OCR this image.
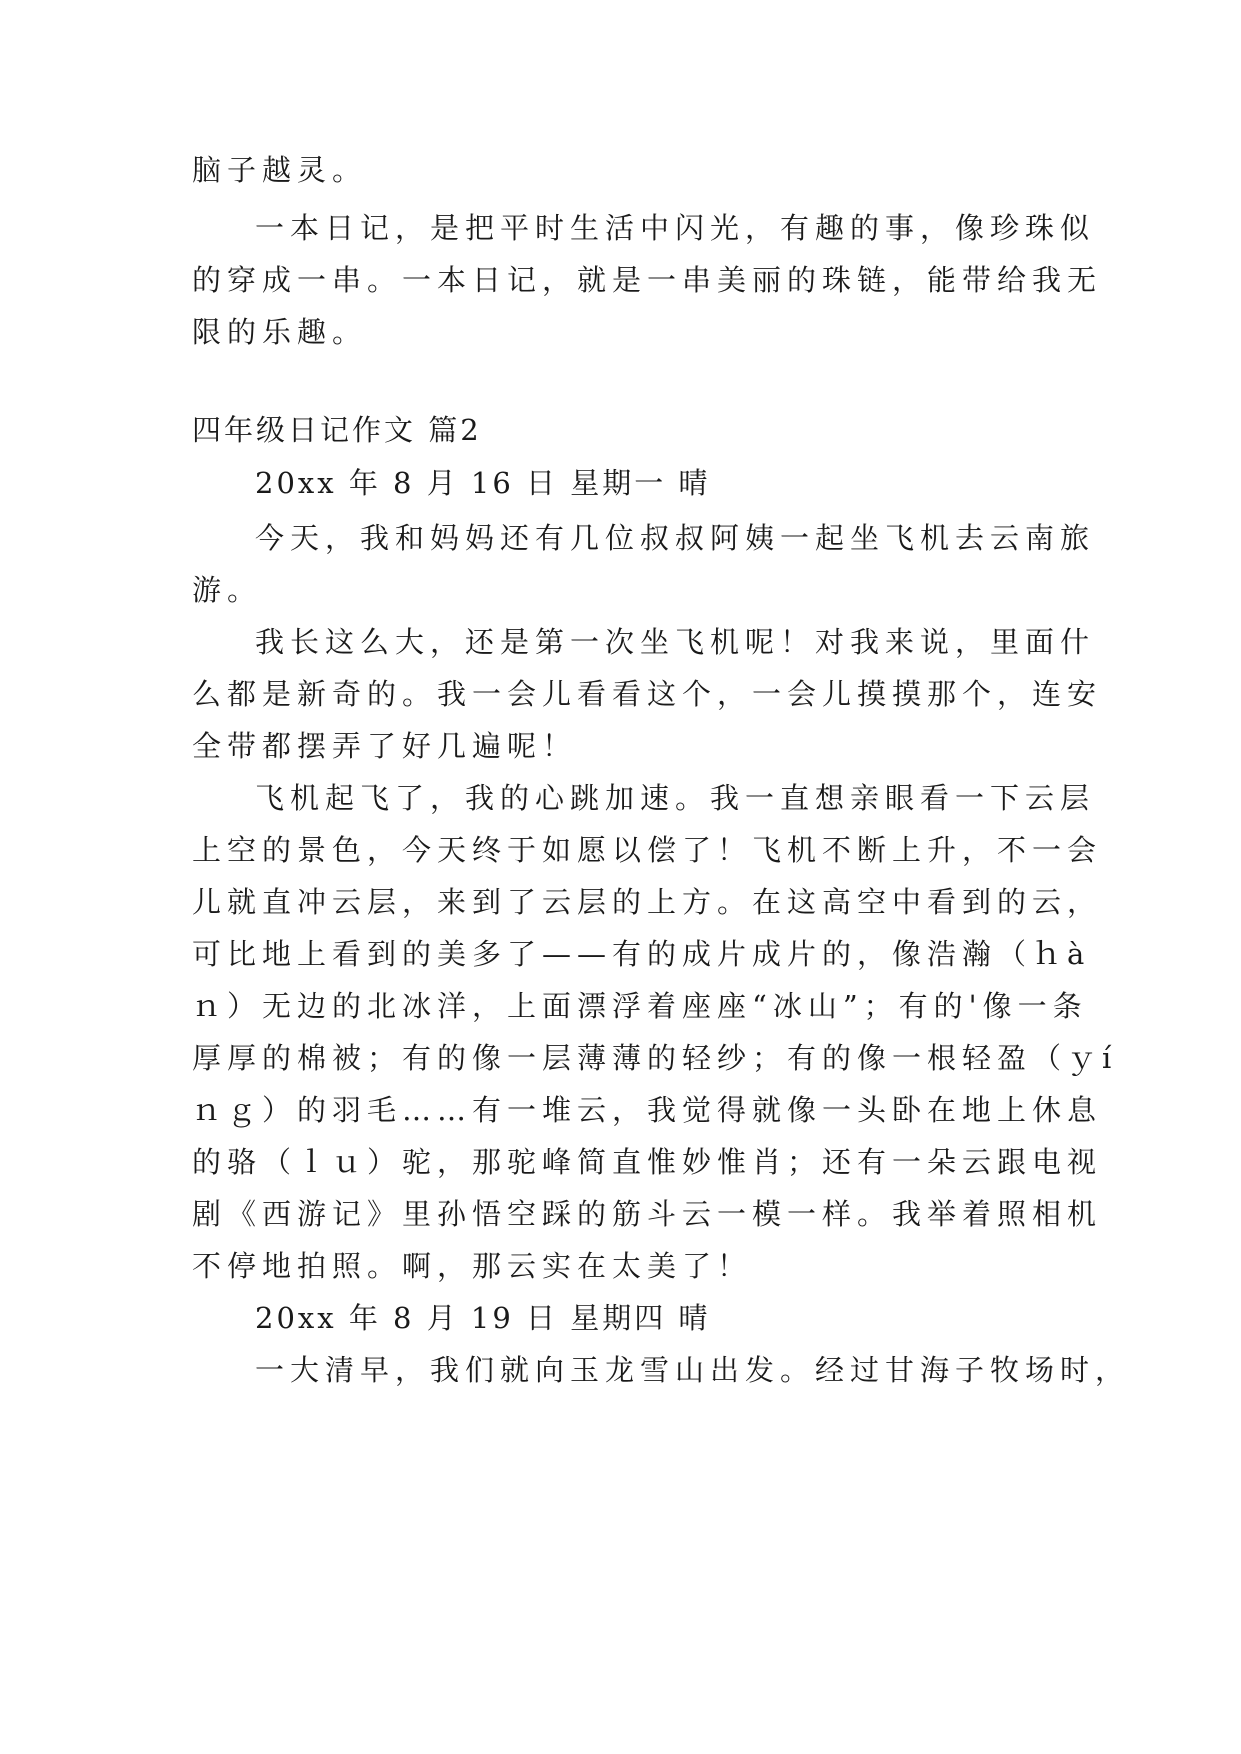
脑子越灵。
一本日记，是把平时生活中闪光，有趣的事，像珍珠似
的穿成一串。一本日记，就是一串美丽的珠链，能带给我无
限的乐趣。
四年级日记作文 篇2
20xx 年 8 月 16 日 星期一 晴
今天，我和妈妈还有几位叔叔阿姨一起坐飞机去云南旅
游。
我长这么大，还是第一次坐飞机呢！对我来说，里面什
么都是新奇的。我一会儿看看这个，一会儿摸摸那个，连安
全带都摆弄了好几遍呢！
飞机起飞了，我的心跳加速。我一直想亲眼看一下云层
上空的景色，今天终于如愿以偿了！飞机不断上升，不一会
儿就直冲云层，来到了云层的上方。在这高空中看到的云，
可比地上看到的美多了——有的成片成片的，像浩瀚（ｈà
ｎ）无边的北冰洋，上面漂浮着座座“冰山”；有的'像一条
厚厚的棉被；有的像一层薄薄的轻纱；有的像一根轻盈（ｙí
ｎｇ）的羽毛……有一堆云，我觉得就像一头卧在地上休息
的骆（ｌｕ）驼，那驼峰简直惟妙惟肖；还有一朵云跟电视
剧《西游记》里孙悟空踩的筋斗云一模一样。我举着照相机
不停地拍照。啊，那云实在太美了！
20xx 年 8 月 19 日 星期四 晴
一大清早，我们就向玉龙雪山出发。经过甘海子牧场时，
